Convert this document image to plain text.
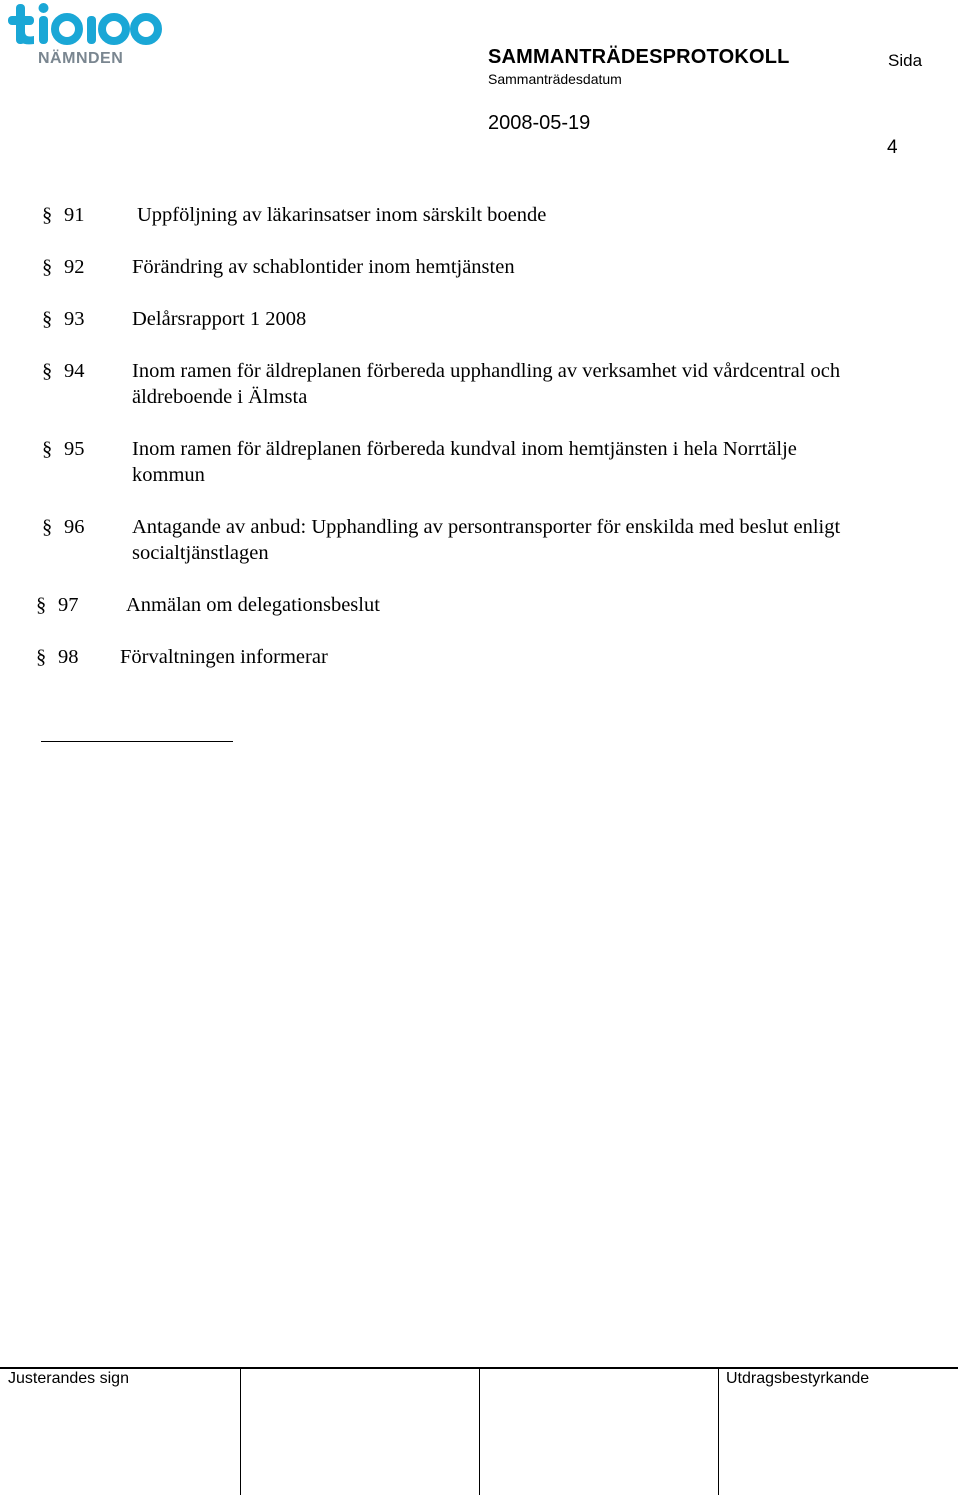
NÄMNDEN	SAMMANTRÄDESPROTOKOLL	Sida
Sammanträdesdatum
2008-05-19
4
§ 91	Uppföljning av läkarinsatser inom särskilt boende
§ 92 Förändring av schablontider inom hemtjänsten
§ 93 Delårsrapport 1 2008
§ 94 Inom ramen för äldreplanen förbereda upphandling av verksamhet vid vårdcentral och
äldreboende i Älmsta
§ 95 Inom ramen för äldreplanen förbereda kundval inom hemtjänsten i hela Norrtälje
kommun
§ 96 Antagande av anbud: Upphandling av persontransporter för enskilda med beslut enligt
socialtjänstlagen
§ 97 Anmälan om delegationsbeslut
§ 98 Förvaltningen informerar
Justerandes sign	Utdragsbestyrkande
